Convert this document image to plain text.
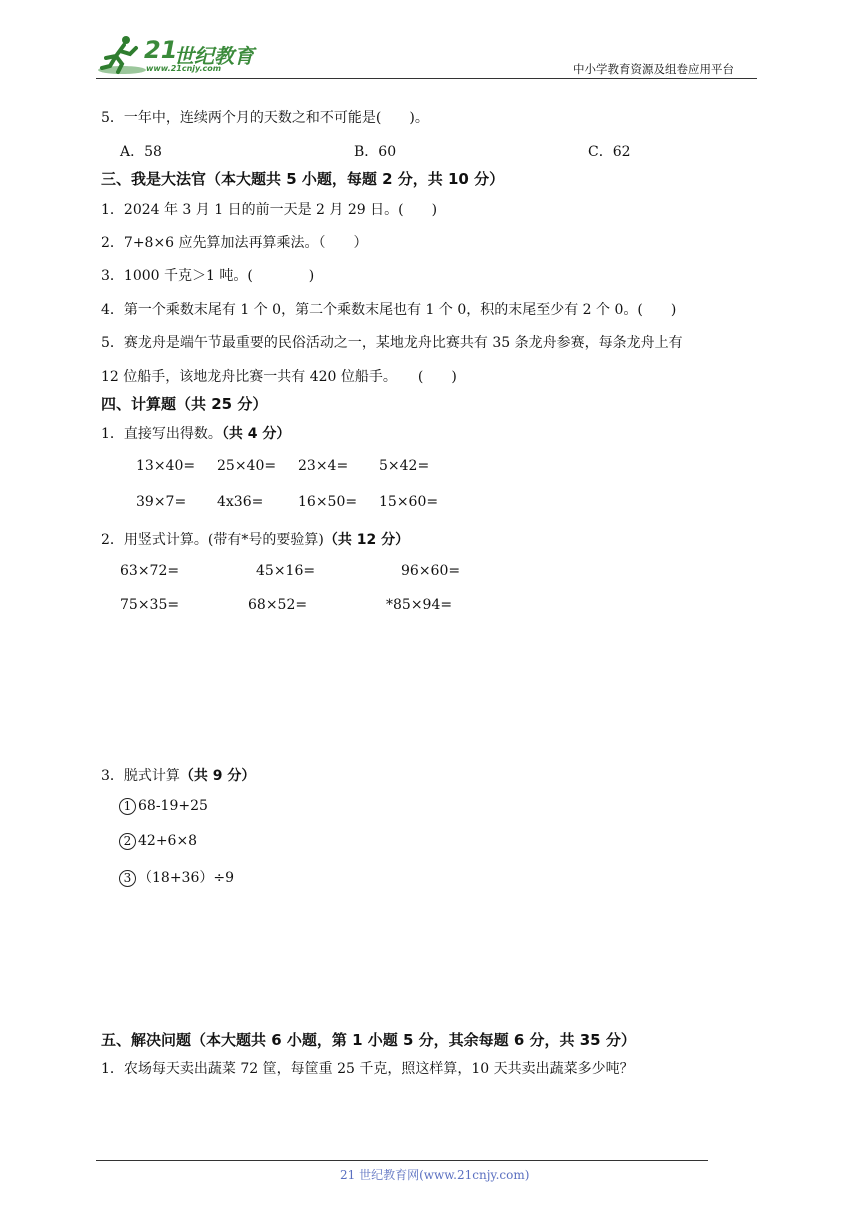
21
世纪教育
www.21cnjy.com	中小学教育资源及组卷应用平台
5．一年中，连续两个月的天数之和不可能是(　　)。
A．58	B．60	C．62
三、我是大法官（本大题共 5 小题，每题 2 分，共 10 分）
1．2024 年 3 月 1 日的前一天是 2 月 29 日。(　　)
2．7+8×6 应先算加法再算乘法。（　　）
3．1000 千克＞1 吨。(　　　　)
4．第一个乘数末尾有 1 个 0，第二个乘数末尾也有 1 个 0，积的末尾至少有 2 个 0。(　　)
5．赛龙舟是端午节最重要的民俗活动之一，某地龙舟比赛共有 35 条龙舟参赛，每条龙舟上有
12 位船手，该地龙舟比赛一共有 420 位船手。　　(　　)
四、计算题（共 25 分）
1．直接写出得数。（共 4 分）
13×40= 25×40= 23×4= 5×42=
39×7= 4x36= 16×50= 15×60=
2．用竖式计算。(带有*号的要验算)（共 12 分）
63×72=	45×16=	96×60=
75×35=	68×52=	*85×94=
3．脱式计算（共 9 分）
1 68-19+25
2 42+6×8
3 （18+36）÷9
五、解决问题（本大题共 6 小题，第 1 小题 5 分，其余每题 6 分，共 35 分）
1．农场每天卖出蔬菜 72 筐，每筐重 25 千克，照这样算，10 天共卖出蔬菜多少吨？
21 世纪教育网(www.21cnjy.com)
